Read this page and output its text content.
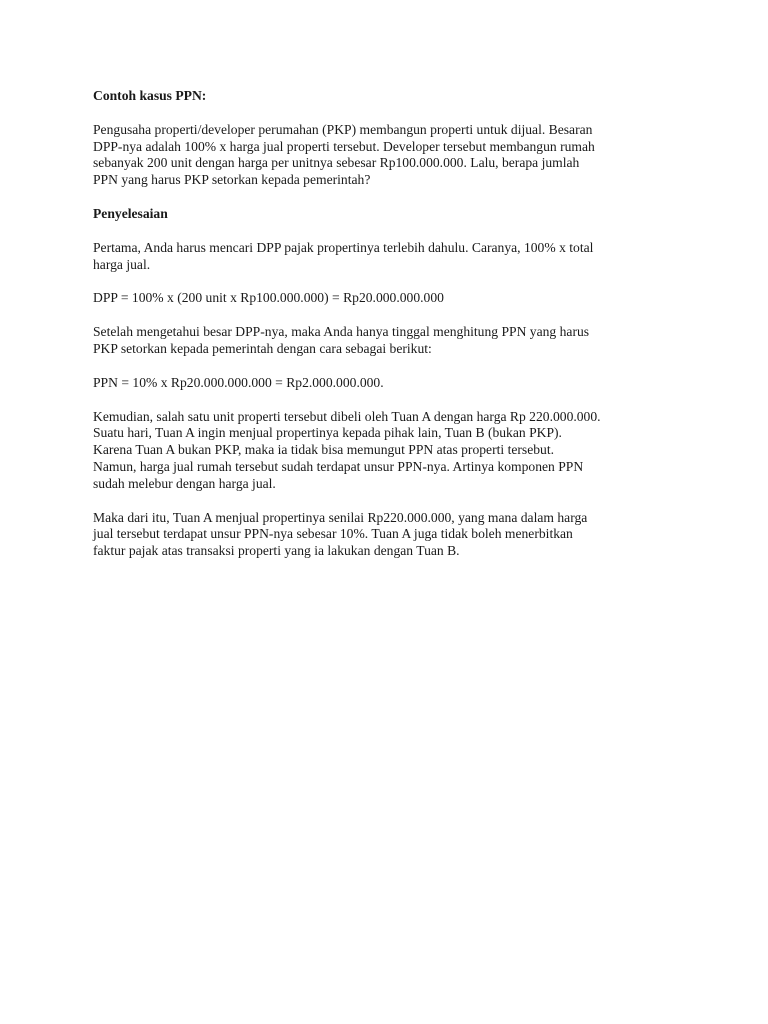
Contoh kasus PPN:
Pengusaha properti/developer perumahan (PKP) membangun properti untuk dijual. Besaran
DPP-nya adalah 100% x harga jual properti tersebut. Developer tersebut membangun rumah
sebanyak 200 unit dengan harga per unitnya sebesar Rp100.000.000. Lalu, berapa jumlah
PPN yang harus PKP setorkan kepada pemerintah?
Penyelesaian
Pertama, Anda harus mencari DPP pajak propertinya terlebih dahulu. Caranya, 100% x total
harga jual.
DPP = 100% x (200 unit x Rp100.000.000) = Rp20.000.000.000
Setelah mengetahui besar DPP-nya, maka Anda hanya tinggal menghitung PPN yang harus
PKP setorkan kepada pemerintah dengan cara sebagai berikut:
PPN = 10% x Rp20.000.000.000 = Rp2.000.000.000.
Kemudian, salah satu unit properti tersebut dibeli oleh Tuan A dengan harga Rp 220.000.000.
Suatu hari, Tuan A ingin menjual propertinya kepada pihak lain, Tuan B (bukan PKP).
Karena Tuan A bukan PKP, maka ia tidak bisa memungut PPN atas properti tersebut.
Namun, harga jual rumah tersebut sudah terdapat unsur PPN-nya. Artinya komponen PPN
sudah melebur dengan harga jual.
Maka dari itu, Tuan A menjual propertinya senilai Rp220.000.000, yang mana dalam harga
jual tersebut terdapat unsur PPN-nya sebesar 10%. Tuan A juga tidak boleh menerbitkan
faktur pajak atas transaksi properti yang ia lakukan dengan Tuan B.
